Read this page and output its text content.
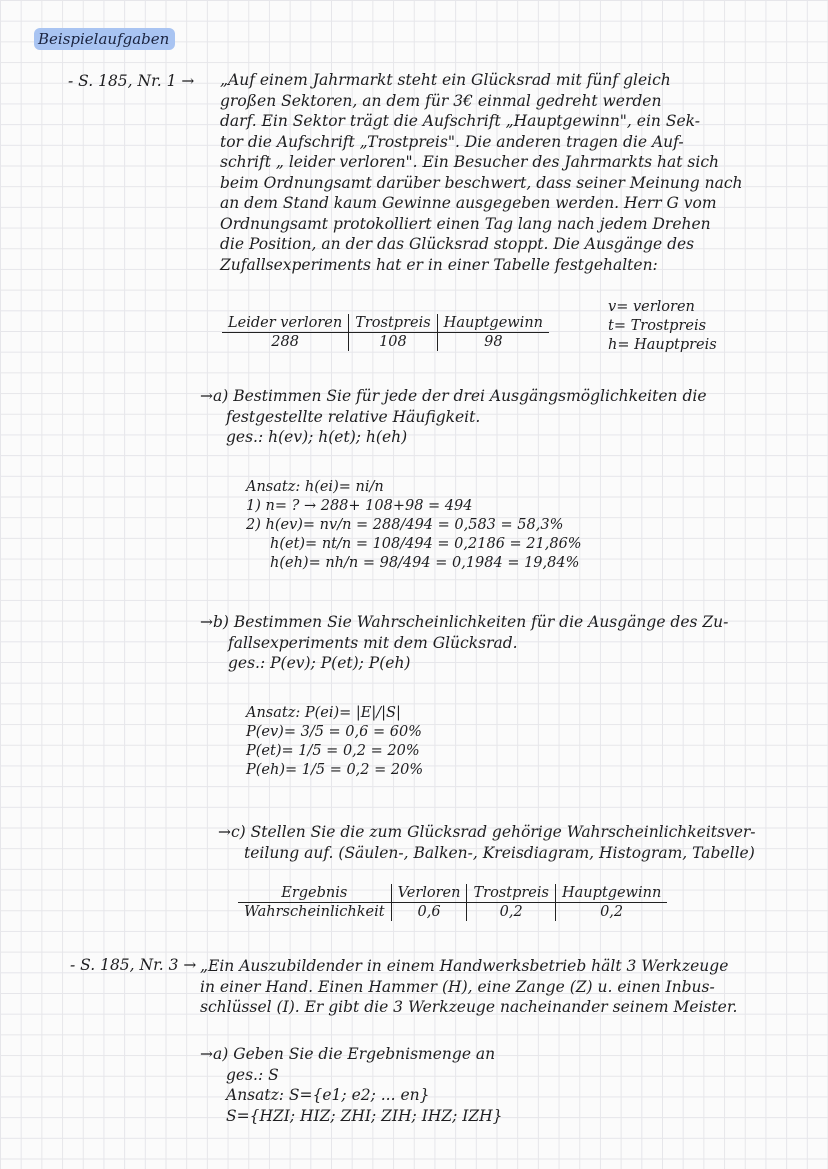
Beispielaufgaben
- S. 185, Nr. 1 → „Auf einem Jahrmarkt steht ein Glücksrad mit fünf gleich
großen Sektoren, an dem für 3€ einmal gedreht werden
darf. Ein Sektor trägt die Aufschrift „Hauptgewinn", ein Sek-
tor die Aufschrift „Trostpreis". Die anderen tragen die Auf-
schrift „ leider verloren". Ein Besucher des Jahrmarkts hat sich
beim Ordnungsamt darüber beschwert, dass seiner Meinung nach
an dem Stand kaum Gewinne ausgegeben werden. Herr G vom
Ordnungsamt protokolliert einen Tag lang nach jedem Drehen
die Position, an der das Glücksrad stoppt. Die Ausgänge des
Zufallsexperiments hat er in einer Tabelle festgehalten:
Leider verloren	Trostpreis	Hauptgewinn
288	108	98
v= verloren
t= Trostpreis
h= Hauptpreis
→a) Bestimmen Sie für jede der drei Ausgängsmöglichkeiten die
festgestellte relative Häufigkeit.
ges.: h(ev); h(et); h(eh)
Ansatz: h(ei)= ni/n
1) n= ? → 288+ 108+98 = 494
2) h(ev)= nv/n = 288/494 = 0,583 = 58,3%
h(et)= nt/n = 108/494 = 0,2186 = 21,86%
h(eh)= nh/n = 98/494 = 0,1984 = 19,84%
→b) Bestimmen Sie Wahrscheinlichkeiten für die Ausgänge des Zu-
fallsexperiments mit dem Glücksrad.
ges.: P(ev); P(et); P(eh)
Ansatz: P(ei)= |E|/|S|
P(ev)= 3/5 = 0,6 = 60%
P(et)= 1/5 = 0,2 = 20%
P(eh)= 1/5 = 0,2 = 20%
→c) Stellen Sie die zum Glücksrad gehörige Wahrscheinlichkeitsver-
teilung auf. (Säulen-, Balken-, Kreisdiagram, Histogram, Tabelle)
Ergebnis	Verloren	Trostpreis	Hauptgewinn
Wahrscheinlichkeit	0,6	0,2	0,2
- S. 185, Nr. 3 → „Ein Auszubildender in einem Handwerksbetrieb hält 3 Werkzeuge
in einer Hand. Einen Hammer (H), eine Zange (Z) u. einen Inbus-
schlüssel (I). Er gibt die 3 Werkzeuge nacheinander seinem Meister.
→a) Geben Sie die Ergebnismenge an
ges.: S
Ansatz: S={e1; e2; ... en}
S={HZI; HIZ; ZHI; ZIH; IHZ; IZH}
